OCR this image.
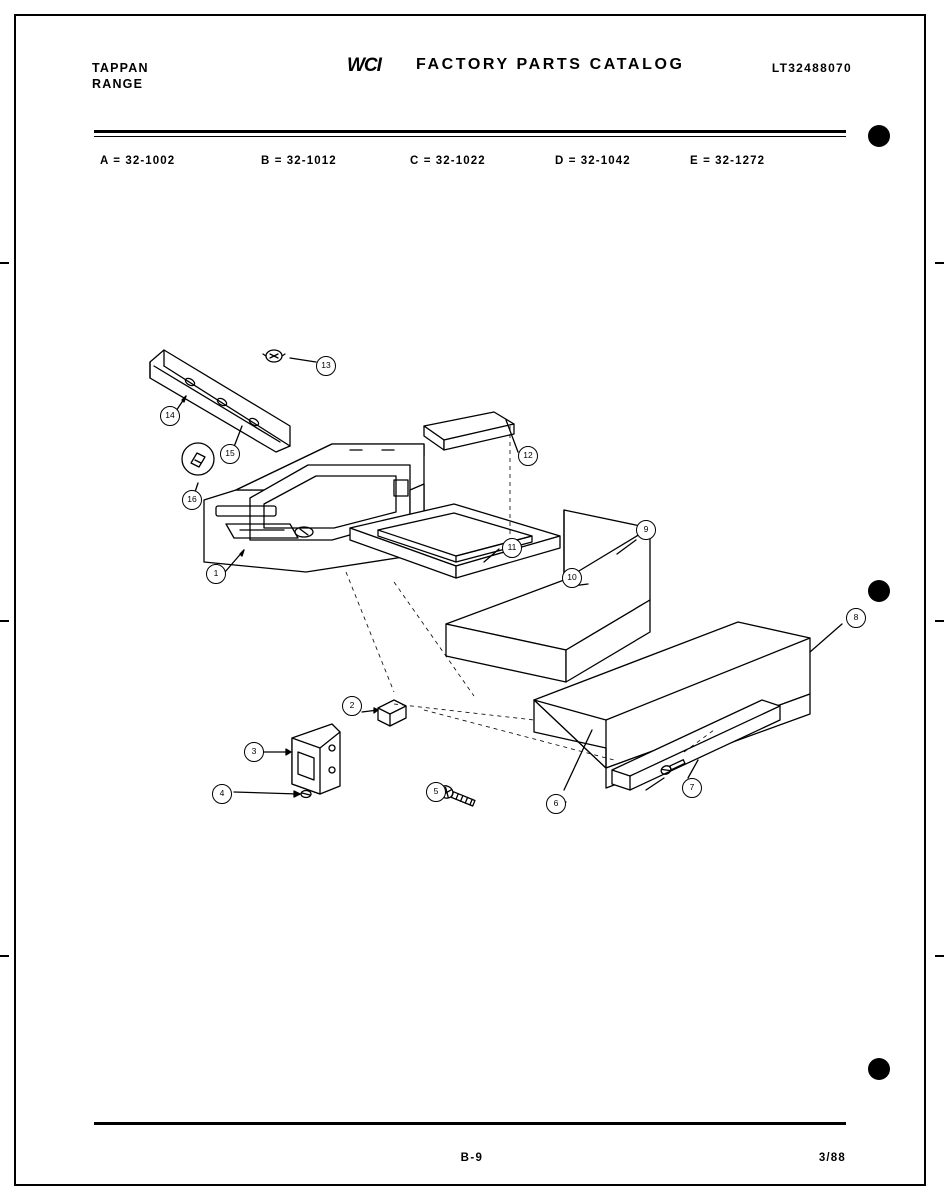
TAPPAN
RANGE
WCI FACTORY PARTS CATALOG	LT32488070
A = 32-1002	B = 32-1012	C = 32-1022	D = 32-1042	E = 32-1272
1
2
3
4	5
6
7
8
9
10
11
12
13
14
15
16
B-9	3/88
